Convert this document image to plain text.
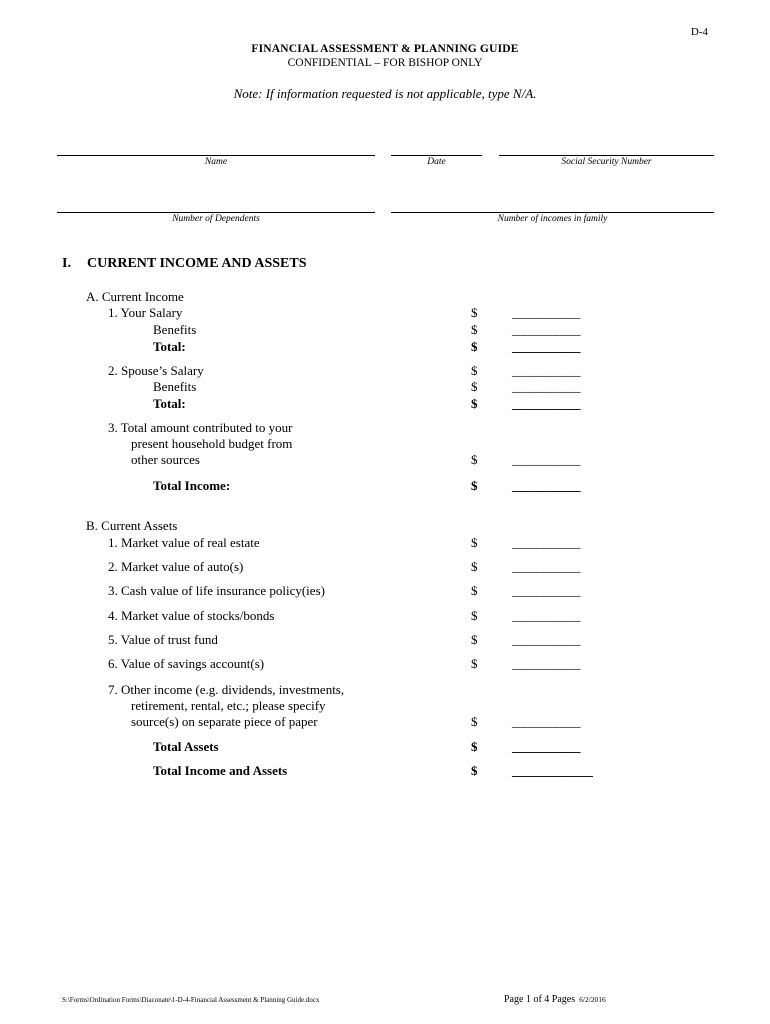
D-4
FINANCIAL ASSESSMENT & PLANNING GUIDE
CONFIDENTIAL – FOR BISHOP ONLY
Note: If information requested is not applicable, type N/A.
Name	Date	Social Security Number
Number of Dependents	Number of incomes in family
I. CURRENT INCOME AND ASSETS
A. Current Income
1. Your Salary	$	___________
Benefits	$	___________
Total:	$	___________
2. Spouse’s Salary	$	___________
Benefits	$	___________
Total:	$	___________
3. Total amount contributed to your
present household budget from
other sources	$	___________
Total Income:	$	___________
B. Current Assets
1. Market value of real estate	$	___________
2. Market value of auto(s)	$	___________
3. Cash value of life insurance policy(ies)	$	___________
4. Market value of stocks/bonds	$	___________
5. Value of trust fund	$	___________
6. Value of savings account(s)	$	___________
7. Other income (e.g. dividends, investments,
retirement, rental, etc.; please specify
source(s) on separate piece of paper	$	___________
Total Assets	$	___________
Total Income and Assets	$	_____________
S:\Forms\Ordination Forms\Diaconate\1-D-4-Financial Assessment & Planning Guide.docx	Page 1 of 4 Pages 6/2/2016
